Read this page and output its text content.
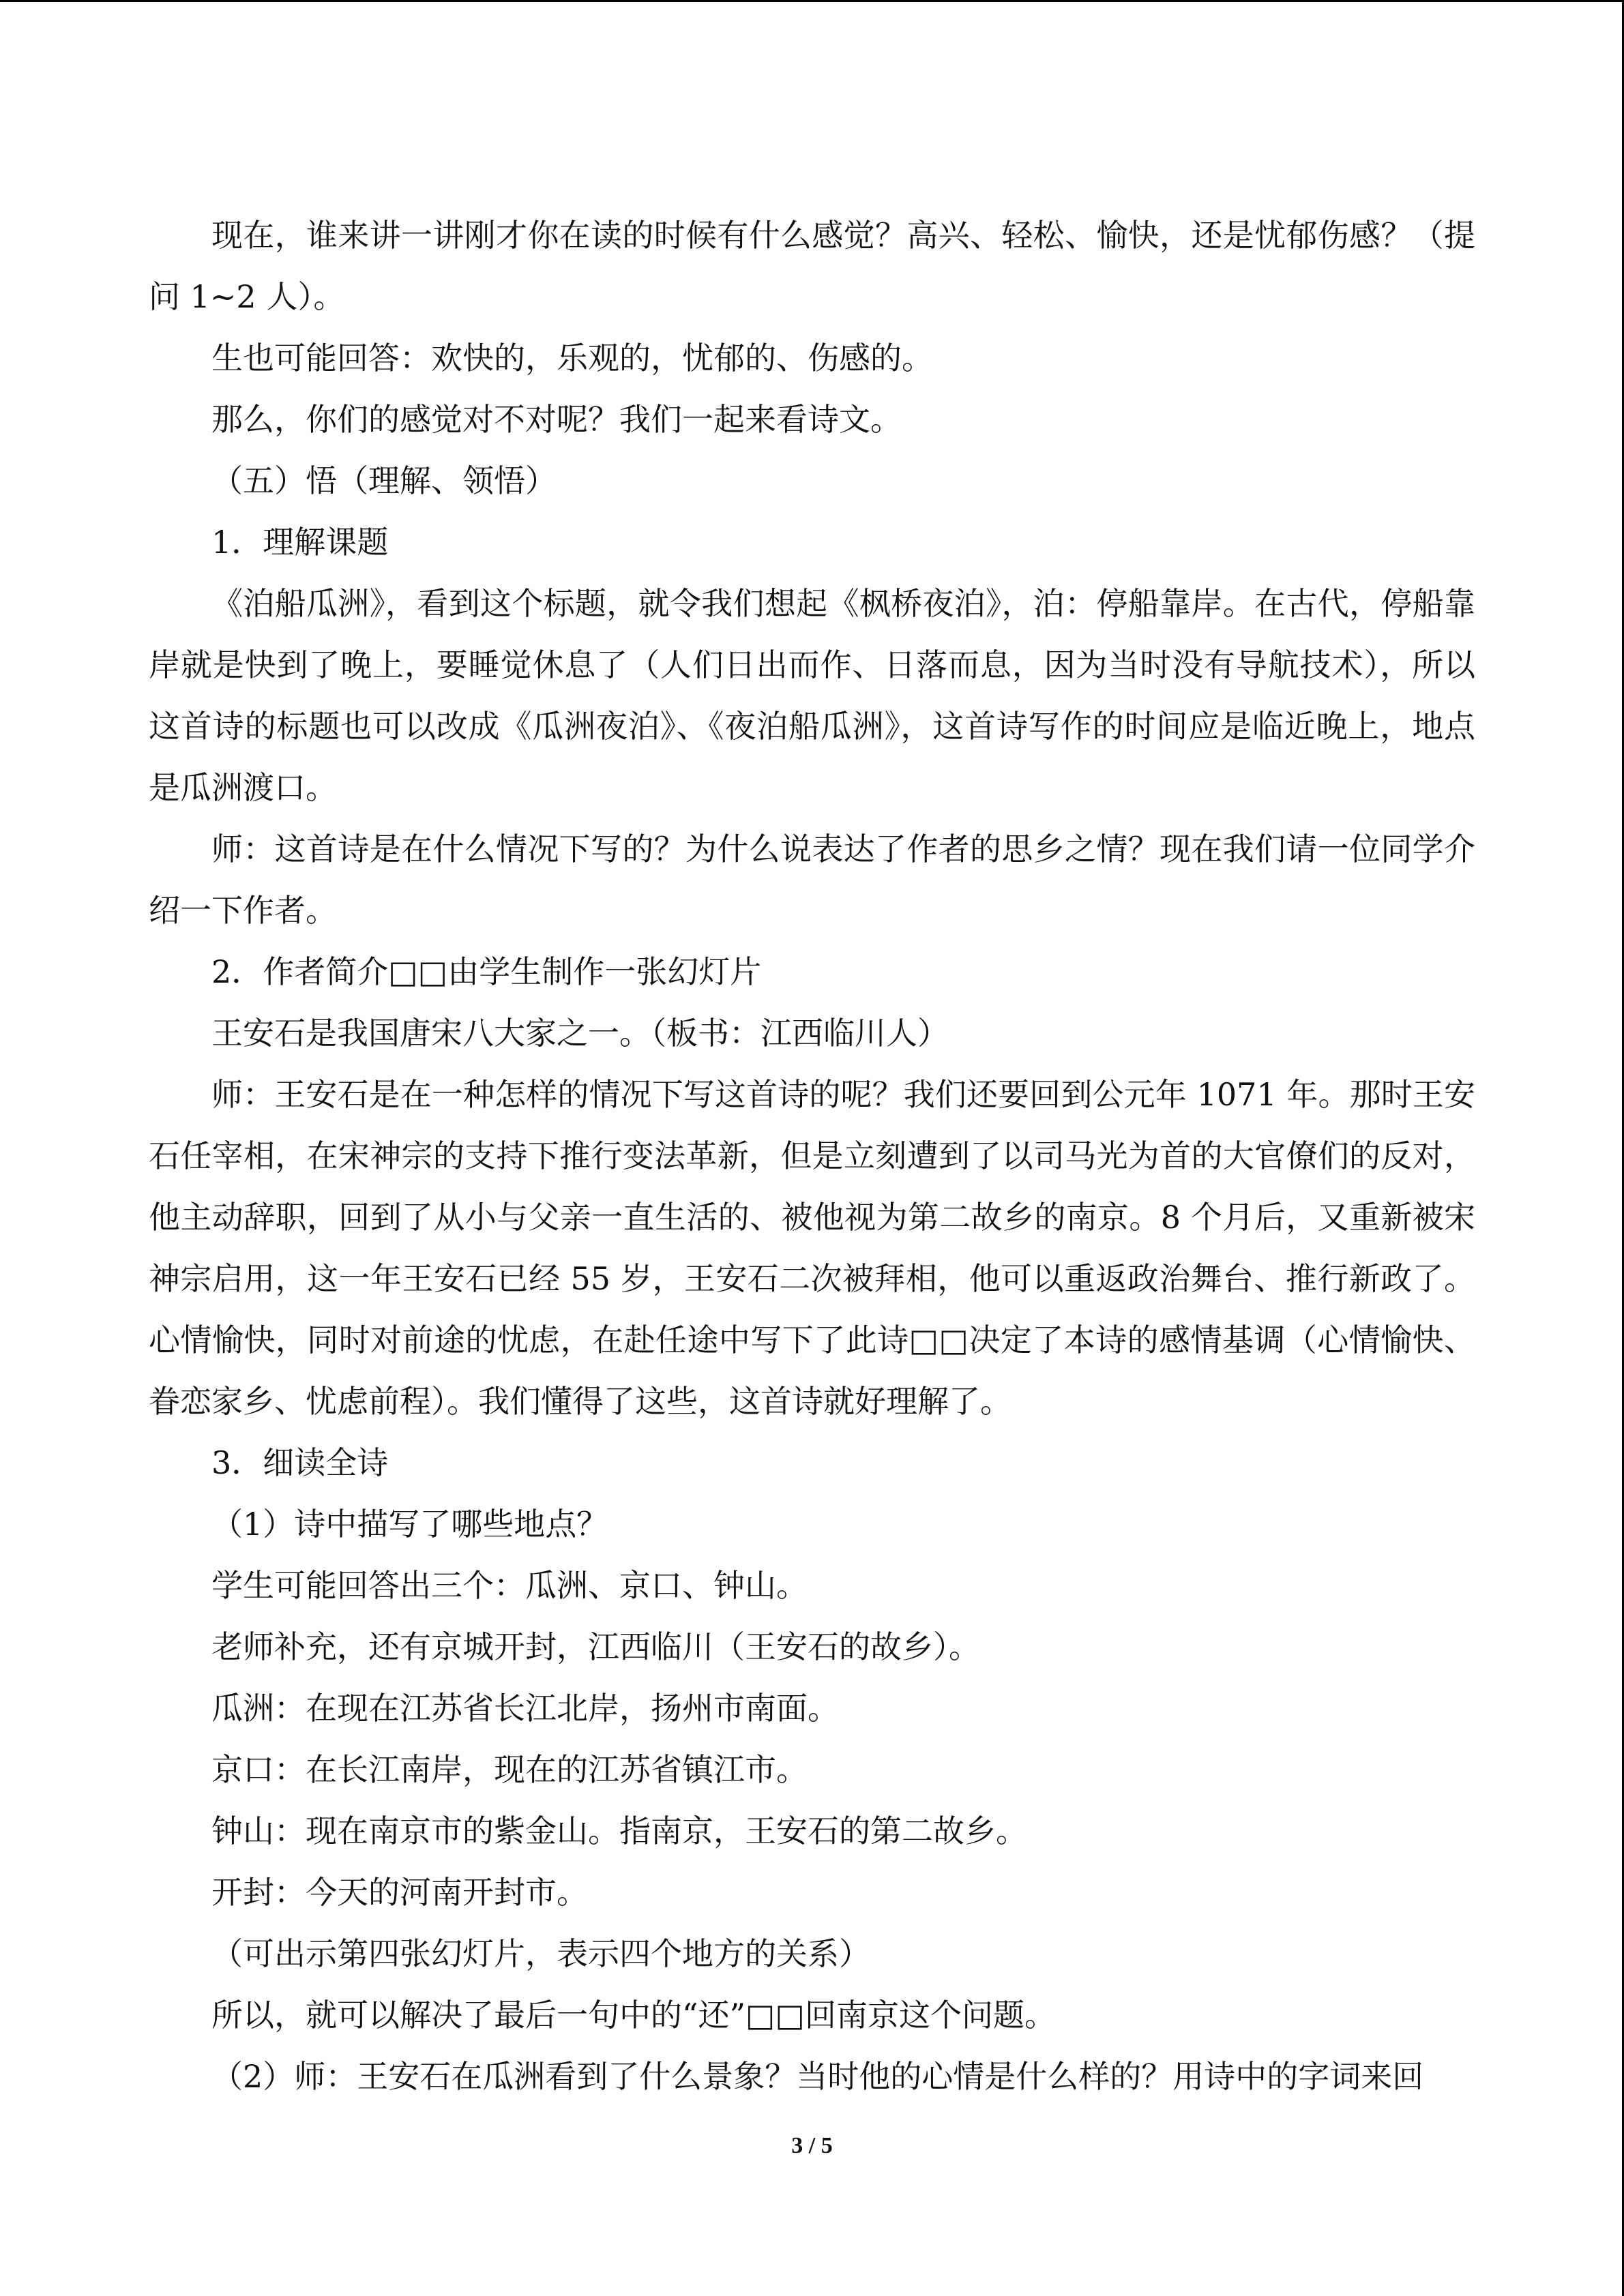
现在，谁来讲一讲刚才你在读的时候有什么感觉？高兴、轻松、愉快，还是忧郁伤感？（提问 1~2 人）。

生也可能回答：欢快的，乐观的，忧郁的、伤感的。

那么，你们的感觉对不对呢？我们一起来看诗文。

（五）悟（理解、领悟）

1．理解课题

《泊船瓜洲》，看到这个标题，就令我们想起《枫桥夜泊》，泊：停船靠岸。在古代，停船靠岸就是快到了晚上，要睡觉休息了（人们日出而作、日落而息，因为当时没有导航技术），所以这首诗的标题也可以改成《瓜洲夜泊》、《夜泊船瓜洲》，这首诗写作的时间应是临近晚上，地点是瓜洲渡口。

师：这首诗是在什么情况下写的？为什么说表达了作者的思乡之情？现在我们请一位同学介绍一下作者。

2．作者简介□□由学生制作一张幻灯片

王安石是我国唐宋八大家之一。（板书：江西临川人）

师：王安石是在一种怎样的情况下写这首诗的呢？我们还要回到公元年 1071 年。那时王安石任宰相，在宋神宗的支持下推行变法革新，但是立刻遭到了以司马光为首的大官僚们的反对，他主动辞职，回到了从小与父亲一直生活的、被他视为第二故乡的南京。8 个月后，又重新被宋神宗启用，这一年王安石已经 55 岁，王安石二次被拜相，他可以重返政治舞台、推行新政了。心情愉快，同时对前途的忧虑，在赴任途中写下了此诗□□决定了本诗的感情基调（心情愉快、眷恋家乡、忧虑前程）。我们懂得了这些，这首诗就好理解了。

3．细读全诗

（1）诗中描写了哪些地点？

学生可能回答出三个：瓜洲、京口、钟山。

老师补充，还有京城开封，江西临川（王安石的故乡）。

瓜洲：在现在江苏省长江北岸，扬州市南面。

京口：在长江南岸，现在的江苏省镇江市。

钟山：现在南京市的紫金山。指南京，王安石的第二故乡。

开封：今天的河南开封市。

（可出示第四张幻灯片，表示四个地方的关系）

所以，就可以解决了最后一句中的“还”□□回南京这个问题。

（2）师：王安石在瓜洲看到了什么景象？当时他的心情是什么样的？用诗中的字词来回

3 / 5
